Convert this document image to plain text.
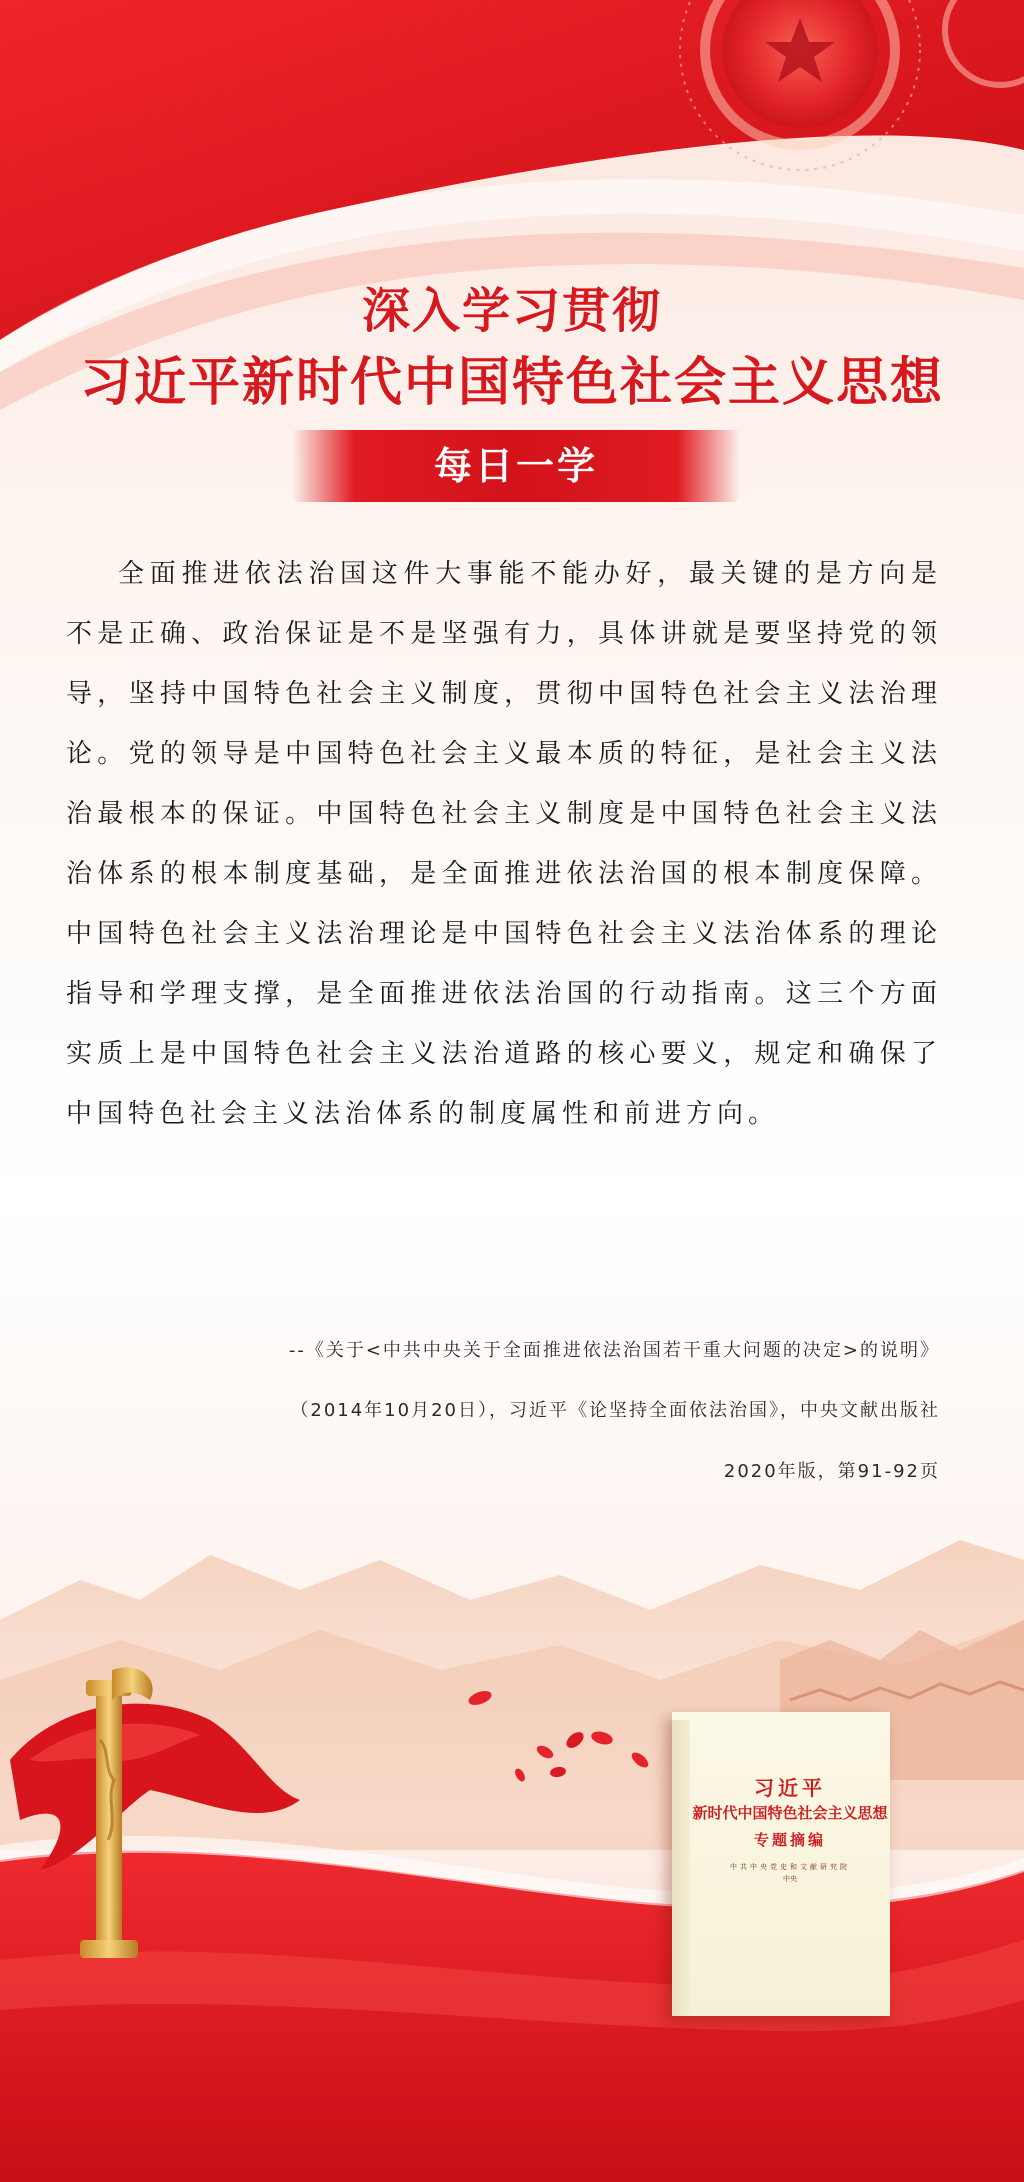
深入学习贯彻
习近平新时代中国特色社会主义思想
每日一学

全面推进依法治国这件大事能不能办好，最关键的是方向是不是正确、政治保证是不是坚强有力，具体讲就是要坚持党的领导，坚持中国特色社会主义制度，贯彻中国特色社会主义法治理论。党的领导是中国特色社会主义最本质的特征，是社会主义法治最根本的保证。中国特色社会主义制度是中国特色社会主义法治体系的根本制度基础，是全面推进依法治国的根本制度保障。中国特色社会主义法治理论是中国特色社会主义法治体系的理论指导和学理支撑，是全面推进依法治国的行动指南。这三个方面实质上是中国特色社会主义法治道路的核心要义，规定和确保了中国特色社会主义法治体系的制度属性和前进方向。

--《关于<中共中央关于全面推进依法治国若干重大问题的决定>的说明》
（2014年10月20日），习近平《论坚持全面依法治国》，中央文献出版社
2020年版，第91-92页
习近平
新时代中国特色社会主义思想
专题摘编
中共中央党史和文献研究院
中央
